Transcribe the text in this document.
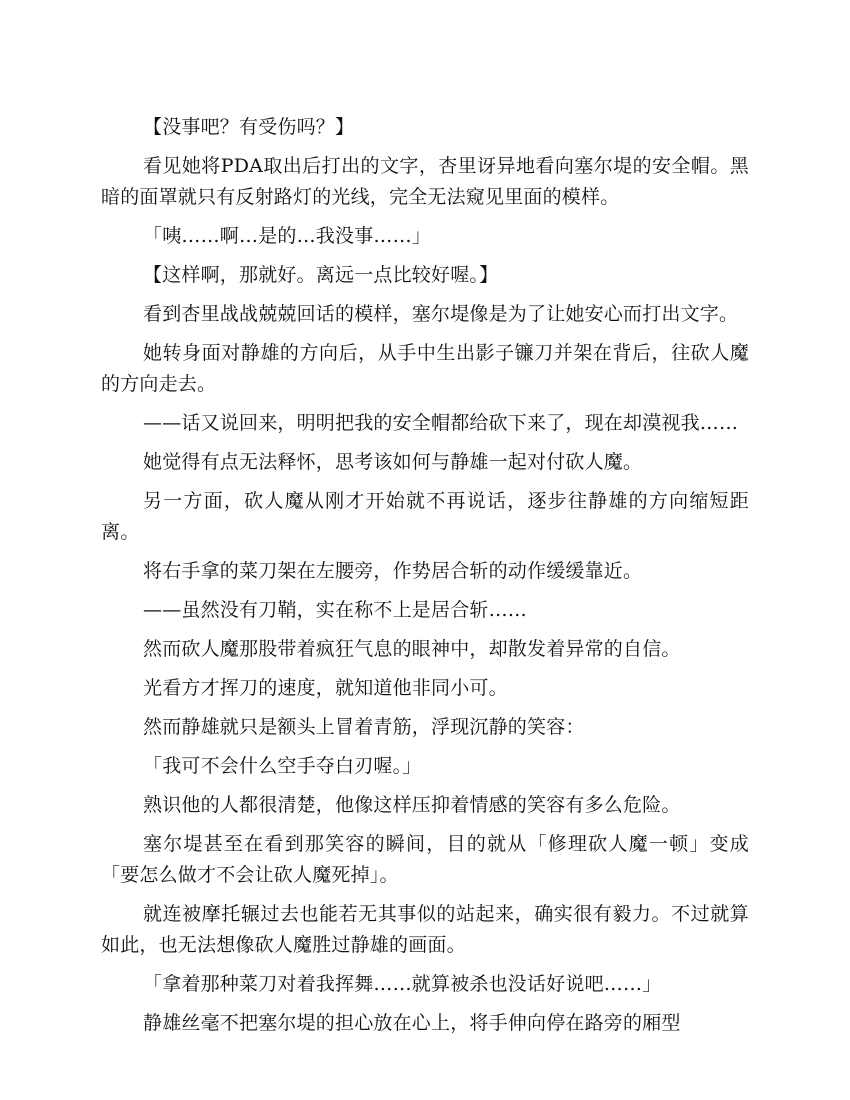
【没事吧？有受伤吗？】

看见她将PDA取出后打出的文字，杏里讶异地看向塞尔堤的安全帽。黑暗的面罩就只有反射路灯的光线，完全无法窥见里面的模样。

「咦……啊…是的…我没事……」

【这样啊，那就好。离远一点比较好喔。】

看到杏里战战兢兢回话的模样，塞尔堤像是为了让她安心而打出文字。

她转身面对静雄的方向后，从手中生出影子镰刀并架在背后，往砍人魔的方向走去。

——话又说回来，明明把我的安全帽都给砍下来了，现在却漠视我……

她觉得有点无法释怀，思考该如何与静雄一起对付砍人魔。

另一方面，砍人魔从刚才开始就不再说话，逐步往静雄的方向缩短距离。

将右手拿的菜刀架在左腰旁，作势居合斩的动作缓缓靠近。

——虽然没有刀鞘，实在称不上是居合斩……

然而砍人魔那股带着疯狂气息的眼神中，却散发着异常的自信。

光看方才挥刀的速度，就知道他非同小可。

然而静雄就只是额头上冒着青筋，浮现沉静的笑容：

「我可不会什么空手夺白刃喔。」

熟识他的人都很清楚，他像这样压抑着情感的笑容有多么危险。

塞尔堤甚至在看到那笑容的瞬间，目的就从「修理砍人魔一顿」变成「要怎么做才不会让砍人魔死掉」。

就连被摩托辗过去也能若无其事似的站起来，确实很有毅力。不过就算如此，也无法想像砍人魔胜过静雄的画面。

「拿着那种菜刀对着我挥舞……就算被杀也没话好说吧……」

静雄丝毫不把塞尔堤的担心放在心上，将手伸向停在路旁的厢型
